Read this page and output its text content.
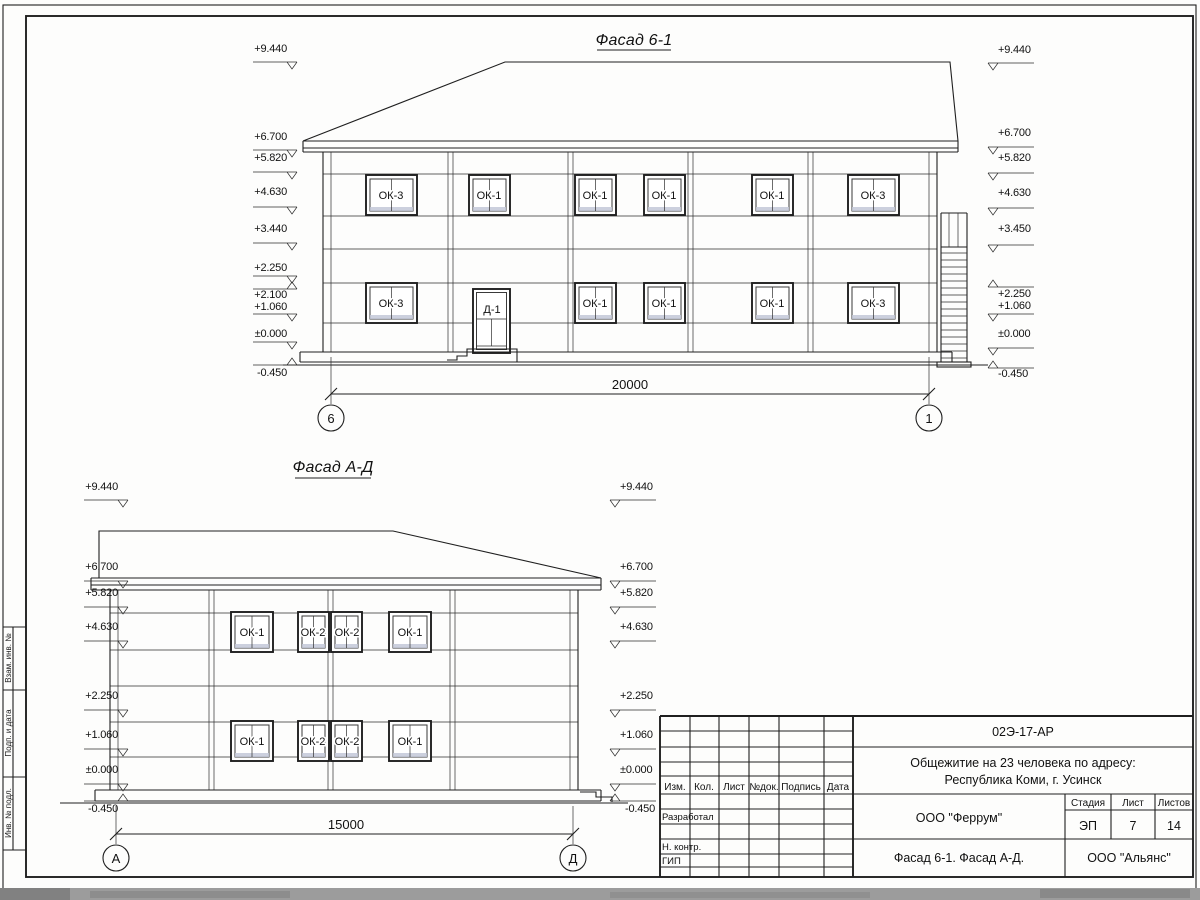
Взам. инв. №
Подп. и дата
Инв. № подл.
Фасад 6-1
ОК-3	ОК-1	ОК-1	ОК-1	ОК-1	ОК-3
ОК-3	ОК-1	ОК-1	ОК-1	ОК-3
Д-1
20000
6	1
+9.440
+6.700
+5.820
+4.630
+3.440
+2.250
+2.100
+1.060
±0.000
-0.450
+9.440
+6.700
+5.820
+4.630
+3.450
+2.250
+1.060
±0.000
-0.450
Фасад А-Д
ОК-1	ОК-2 ОК-2	ОК-1
ОК-1	ОК-2 ОК-2	ОК-1
15000
А	Д
+9.440
+6.700
+5.820
+4.630
+2.250
+1.060
±0.000
-0.450
+9.440
+6.700
+5.820
+4.630
+2.250
+1.060
±0.000
-0.450
Изм. Кол. Лист №док. Подпись Дата
Разработал
Н. контр.
ГИП
02Э-17-АР
Общежитие на 23 человека по адресу:
Республика Коми, г. Усинск
ООО "Феррум"
Стадия Лист Листов
ЭП	7 14
Фасад 6-1. Фасад А-Д.	ООО "Альянс"
